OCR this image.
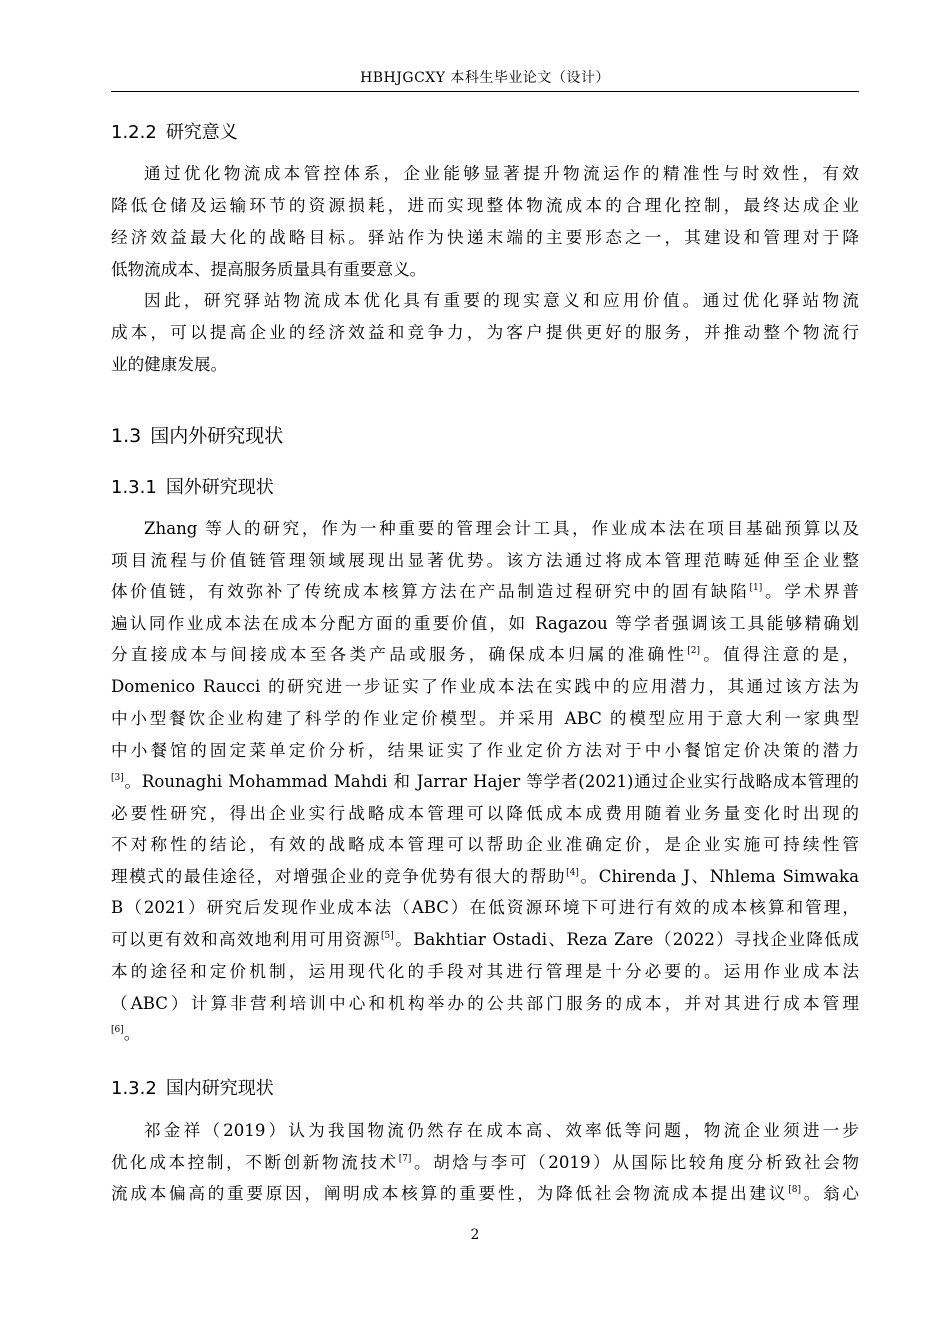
HBHJGCXY 本科生毕业论文（设计）
1.2.2 研究意义
通过优化物流成本管控体系，企业能够显著提升物流运作的精准性与时效性，有效
降低仓储及运输环节的资源损耗，进而实现整体物流成本的合理化控制，最终达成企业
经济效益最大化的战略目标。驿站作为快递末端的主要形态之一，其建设和管理对于降
低物流成本、提高服务质量具有重要意义。
因此，研究驿站物流成本优化具有重要的现实意义和应用价值。通过优化驿站物流
成本，可以提高企业的经济效益和竞争力，为客户提供更好的服务，并推动整个物流行
业的健康发展。
1.3 国内外研究现状
1.3.1 国外研究现状
Zhang 等人的研究，作为一种重要的管理会计工具，作业成本法在项目基础预算以及
项目流程与价值链管理领域展现出显著优势。该方法通过将成本管理范畴延伸至企业整
体价值链，有效弥补了传统成本核算方法在产品制造过程研究中的固有缺陷[1]。学术界普
遍认同作业成本法在成本分配方面的重要价值，如 Ragazou 等学者强调该工具能够精确划
分直接成本与间接成本至各类产品或服务，确保成本归属的准确性[2]。值得注意的是，
Domenico Raucci 的研究进一步证实了作业成本法在实践中的应用潜力，其通过该方法为
中小型餐饮企业构建了科学的作业定价模型。并采用 ABC 的模型应用于意大利一家典型
中小餐馆的固定菜单定价分析，结果证实了作业定价方法对于中小餐馆定价决策的潜力
[3]。Rounaghi Mohammad Mahdi 和 Jarrar Hajer 等学者(2021)通过企业实行战略成本管理的
必要性研究，得出企业实行战略成本管理可以降低成本成费用随着业务量变化时出现的
不对称性的结论，有效的战略成本管理可以帮助企业准确定价，是企业实施可持续性管
理模式的最佳途径，对增强企业的竞争优势有很大的帮助[4]。Chirenda J、Nhlema Simwaka
B（2021）研究后发现作业成本法（ABC）在低资源环境下可进行有效的成本核算和管理，
可以更有效和高效地利用可用资源[5]。Bakhtiar Ostadi、Reza Zare（2022）寻找企业降低成
本的途径和定价机制，运用现代化的手段对其进行管理是十分必要的。运用作业成本法
（ABC）计算非营利培训中心和机构举办的公共部门服务的成本，并对其进行成本管理
[6]。
1.3.2 国内研究现状
祁金祥（2019）认为我国物流仍然存在成本高、效率低等问题，物流企业须进一步
优化成本控制，不断创新物流技术[7]。胡焓与李可（2019）从国际比较角度分析致社会物
流成本偏高的重要原因，阐明成本核算的重要性，为降低社会物流成本提出建议[8]。翁心
2
